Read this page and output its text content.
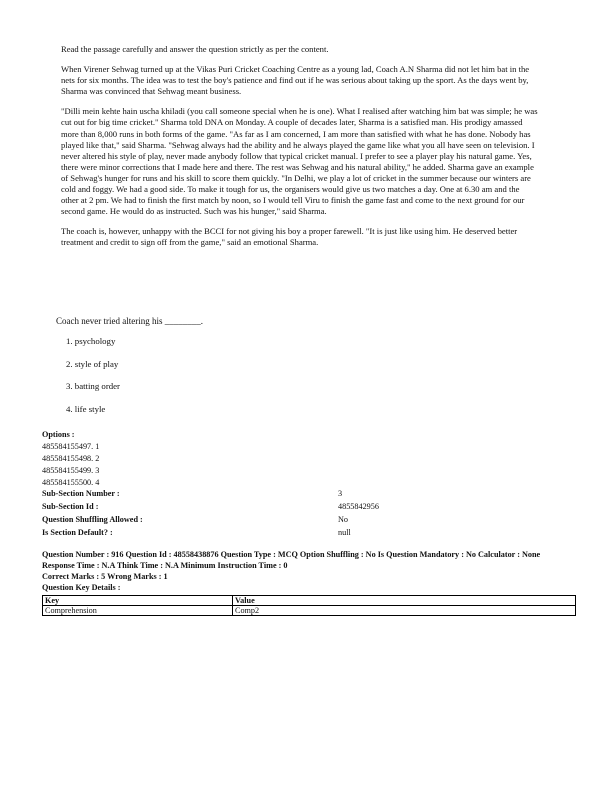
Read the passage carefully and answer the question strictly as per the content.

When Virener Sehwag turned up at the Vikas Puri Cricket Coaching Centre as a young lad, Coach A.N Sharma did not let him bat in the nets for six months. The idea was to test the boy's patience and find out if he was serious about taking up the sport. As the days went by, Sharma was convinced that Sehwag meant business.

"Dilli mein kehte hain uscha khiladi (you call someone special when he is one). What I realised after watching him bat was simple; he was cut out for big time cricket." Sharma told DNA on Monday. A couple of decades later, Sharma is a satisfied man. His prodigy amassed more than 8,000 runs in both forms of the game. "As far as I am concerned, I am more than satisfied with what he has done. Nobody has played like that," said Sharma. "Sehwag always had the ability and he always played the game like what you all have seen on television. I never altered his style of play, never made anybody follow that typical cricket manual. I prefer to see a player play his natural game. Yes, there were minor corrections that I made here and there. The rest was Sehwag and his natural ability," he added. Sharma gave an example of Sehwag's hunger for runs and his skill to score them quickly. "In Delhi, we play a lot of cricket in the summer because our winters are cold and foggy. We had a good side. To make it tough for us, the organisers would give us two matches a day. One at 6.30 am and the other at 2 pm. We had to finish the first match by noon, so I would tell Viru to finish the game fast and come to the next ground for our second game. He would do as instructed. Such was his hunger," said Sharma.

The coach is, however, unhappy with the BCCI for not giving his boy a proper farewell. "It is just like using him. He deserved better treatment and credit to sign off from the game," said an emotional Sharma.

Coach never tried altering his ________.
1. psychology
2. style of play
3. batting order
4. life style
Options :
485584155497. 1
485584155498. 2
485584155499. 3
485584155500. 4
Sub-Section Number :	3
Sub-Section Id :	4855842956
Question Shuffling Allowed :	No
Is Section Default? :	null
Question Number : 916 Question Id : 48558438876 Question Type : MCQ Option Shuffling : No Is Question Mandatory : No Calculator : None
Response Time : N.A Think Time : N.A Minimum Instruction Time : 0
Correct Marks : 5 Wrong Marks : 1
Question Key Details :
Key	Value
Comprehension	Comp2
